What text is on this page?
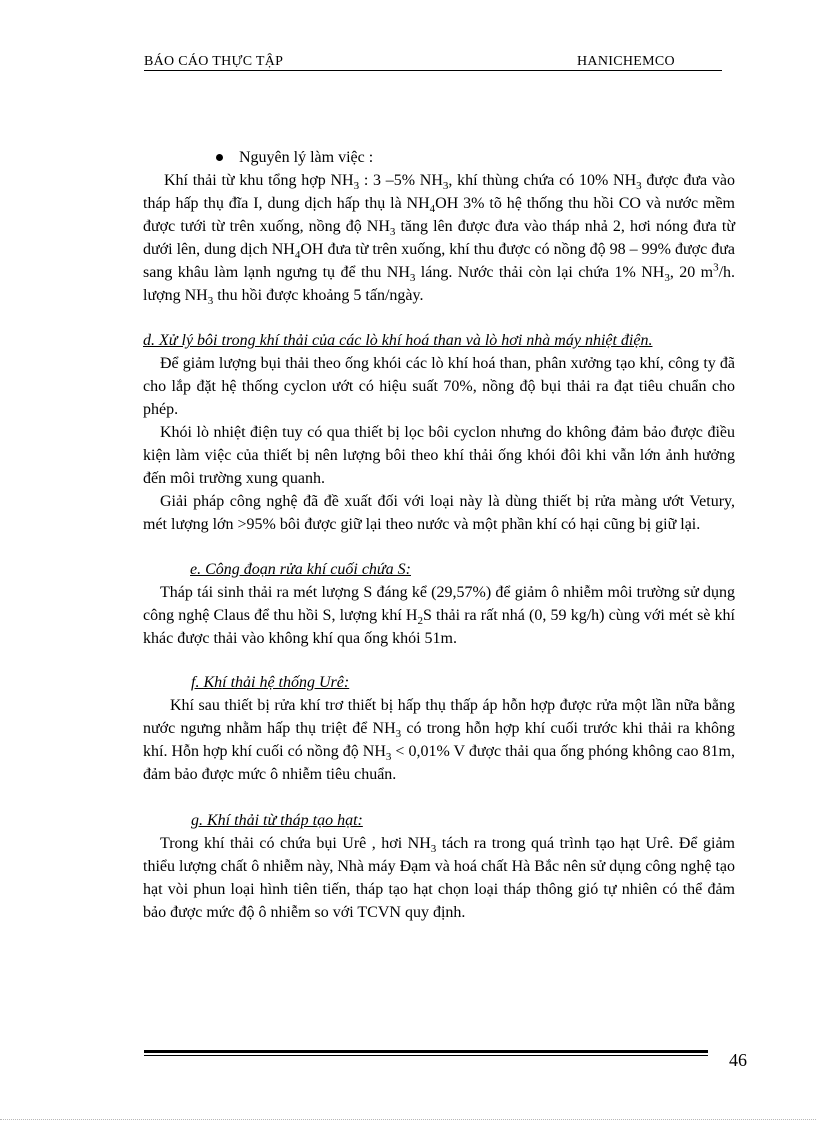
BÁO CÁO THỰC TẬP	HANICHEMCO
Nguyên lý làm việc :

Khí thải từ khu tổng hợp $NH_3$ : 3 –5% $NH_3$, khí thùng chứa có 10% $NH_3$ được đưa vào tháp hấp thụ đĩa I, dung dịch hấp thụ là $NH_4OH$ 3% tõ hệ thống thu hồi CO và nước mềm được tưới từ trên xuống, nồng độ $NH_3$ tăng lên được đưa vào tháp nhả 2, hơi nóng đưa từ dưới lên, dung dịch $NH_4OH$ đưa từ trên xuống, khí thu được có nồng độ 98 – 99% được đưa sang khâu làm lạnh ngưng tụ để thu $NH_3$ láng. Nước thải còn lại chứa 1% $NH_3$, 20 $m^3/h$. lượng $NH_3$ thu hồi được khoảng 5 tấn/ngày.

d. Xử lý bôi trong khí thải của các lò khí hoá than và lò hơi nhà máy nhiệt điện.

Để giảm lượng bụi thải theo ống khói các lò khí hoá than, phân xưởng tạo khí, công ty đã cho lắp đặt hệ thống cyclon ướt có hiệu suất 70%, nồng độ bụi thải ra đạt tiêu chuẩn cho phép.

Khói lò nhiệt điện tuy có qua thiết bị lọc bôi cyclon nhưng do không đảm bảo được điều kiện làm việc của thiết bị nên lượng bôi theo khí thải ống khói đôi khi vẫn lớn ảnh hưởng đến môi trường xung quanh.

Giải pháp công nghệ đã đề xuất đối với loại này là dùng thiết bị rửa màng ướt Vetury, mét lượng lớn >95% bôi được giữ lại theo nước và một phần khí có hại cũng bị giữ lại.

e. Công đoạn rửa khí cuối chứa S:

Tháp tái sinh thải ra mét lượng S đáng kể (29,57%) để giảm ô nhiễm môi trường sử dụng công nghệ Claus để thu hồi S, lượng khí $H_2S$ thải ra rất nhá (0, 59 kg/h) cùng với mét sè khí khác được thải vào không khí qua ống khói 51m.

f. Khí thải hệ thống Urê:

Khí sau thiết bị rửa khí trơ thiết bị hấp thụ thấp áp hỗn hợp được rửa một lần nữa bằng nước ngưng nhằm hấp thụ triệt để $NH_3$ có trong hỗn hợp khí cuối trước khi thải ra không khí. Hỗn hợp khí cuối có nồng độ $NH_3 < 0,01\%$ V được thải qua ống phóng không cao 81m, đảm bảo được mức ô nhiễm tiêu chuẩn.

g. Khí thải từ tháp tạo hạt:

Trong khí thải có chứa bụi Urê , hơi $NH_3$ tách ra trong quá trình tạo hạt Urê. Để giảm thiểu lượng chất ô nhiễm này, Nhà máy Đạm và hoá chất Hà Bắc nên sử dụng công nghệ tạo hạt vòi phun loại hình tiên tiến, tháp tạo hạt chọn loại tháp thông gió tự nhiên có thể đảm bảo được mức độ ô nhiễm so với TCVN quy định.

46
